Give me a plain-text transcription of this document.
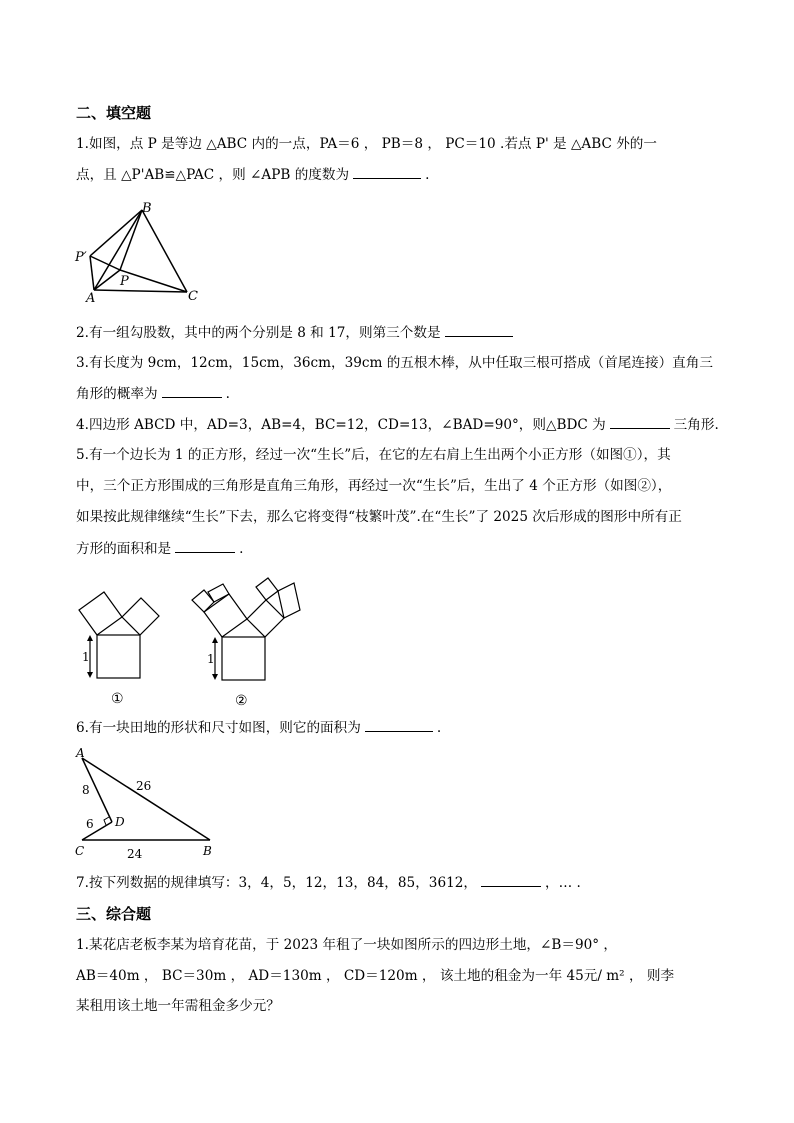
二、填空题
1.如图，点 P 是等边 △ABC 内的一点，PA＝6 ， PB＝8 ， PC＝10 .若点 P' 是 △ABC 外的一
点，且 △P'AB≌△PAC ，则 ∠APB 的度数为	.
B
P′
P
A	C
2.有一组勾股数，其中的两个分别是 8 和 17，则第三个数是
3.有长度为 9cm，12cm，15cm，36cm，39cm 的五根木棒，从中任取三根可搭成（首尾连接）直角三
角形的概率为	.
4.四边形 ABCD 中，AD=3，AB=4，BC=12，CD=13，∠BAD=90°，则△BDC 为	三角形.
5.有一个边长为 1 的正方形，经过一次“生长”后，在它的左右肩上生出两个小正方形（如图①），其
中，三个正方形围成的三角形是直角三角形，再经过一次“生长”后，生出了 4 个正方形（如图②），
如果按此规律继续“生长”下去，那么它将变得“枝繁叶茂”.在“生长”了 2025 次后形成的图形中所有正
方形的面积和是	.
1
①
1
②
6.有一块田地的形状和尺寸如图，则它的面积为	.
A
D
C	B
8	26
6
24
7.按下列数据的规律填写：3，4，5，12，13，84，85，3612，	，… .
三、综合题
1.某花店老板李某为培育花苗，于 2023 年租了一块如图所示的四边形土地，∠B＝90° ，
AB＝40m ， BC＝30m ， AD＝130m ， CD＝120m ， 该土地的租金为一年 45元/ m² ， 则李
某租用该土地一年需租金多少元？
